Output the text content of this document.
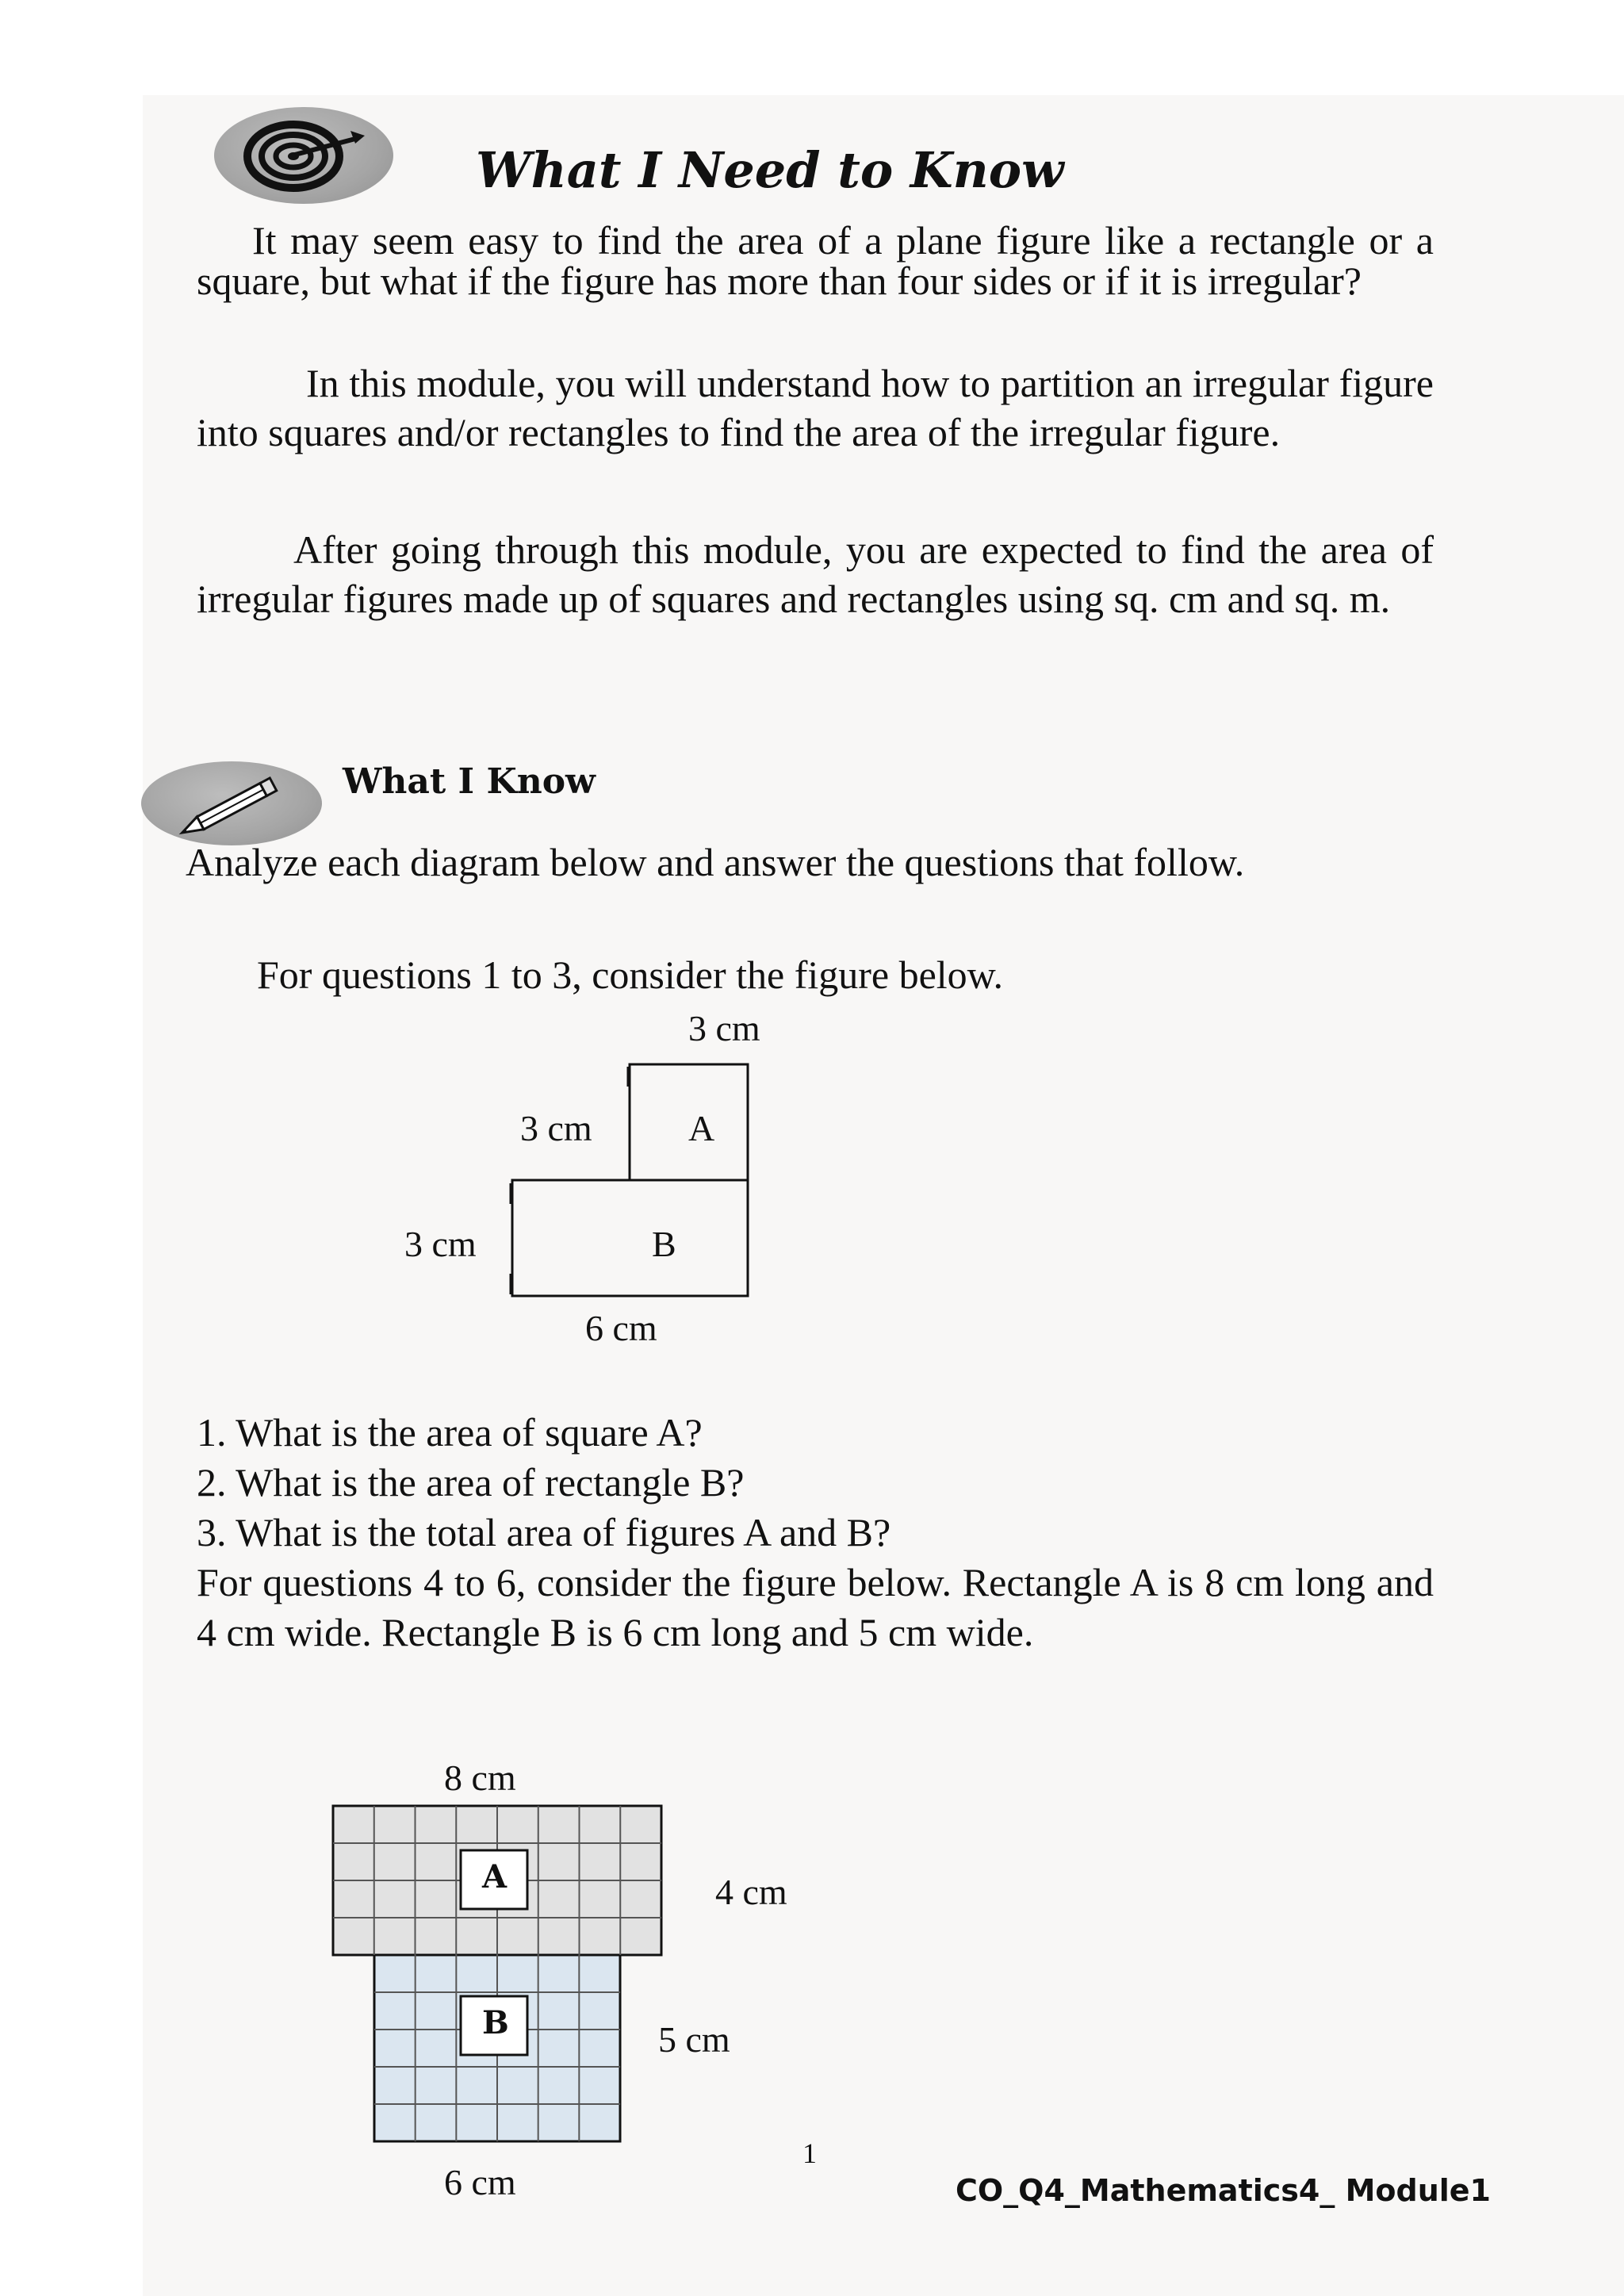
What I Need to Know

It may seem easy to find the area of a plane figure like a rectangle or a square, but what if the figure has more than four sides or if it is irregular?

In this module, you will understand how to partition an irregular figure into squares and/or rectangles to find the area of the irregular figure.

After going through this module, you are expected to find the area of irregular figures made up of squares and rectangles using sq. cm and sq. m.

What I Know

Analyze each diagram below and answer the questions that follow.

For questions 1 to 3, consider the figure below.

3 cm
3 cm	A
3 cm	B
6 cm
1. What is the area of square A?
2. What is the area of rectangle B?
3. What is the total area of figures A and B?

For questions 4 to 6, consider the figure below. Rectangle A is 8 cm long and 4 cm wide. Rectangle B is 6 cm long and 5 cm wide.

8 cm
A	4 cm
B	5 cm
6 cm
1
CO_Q4_Mathematics4_ Module1
